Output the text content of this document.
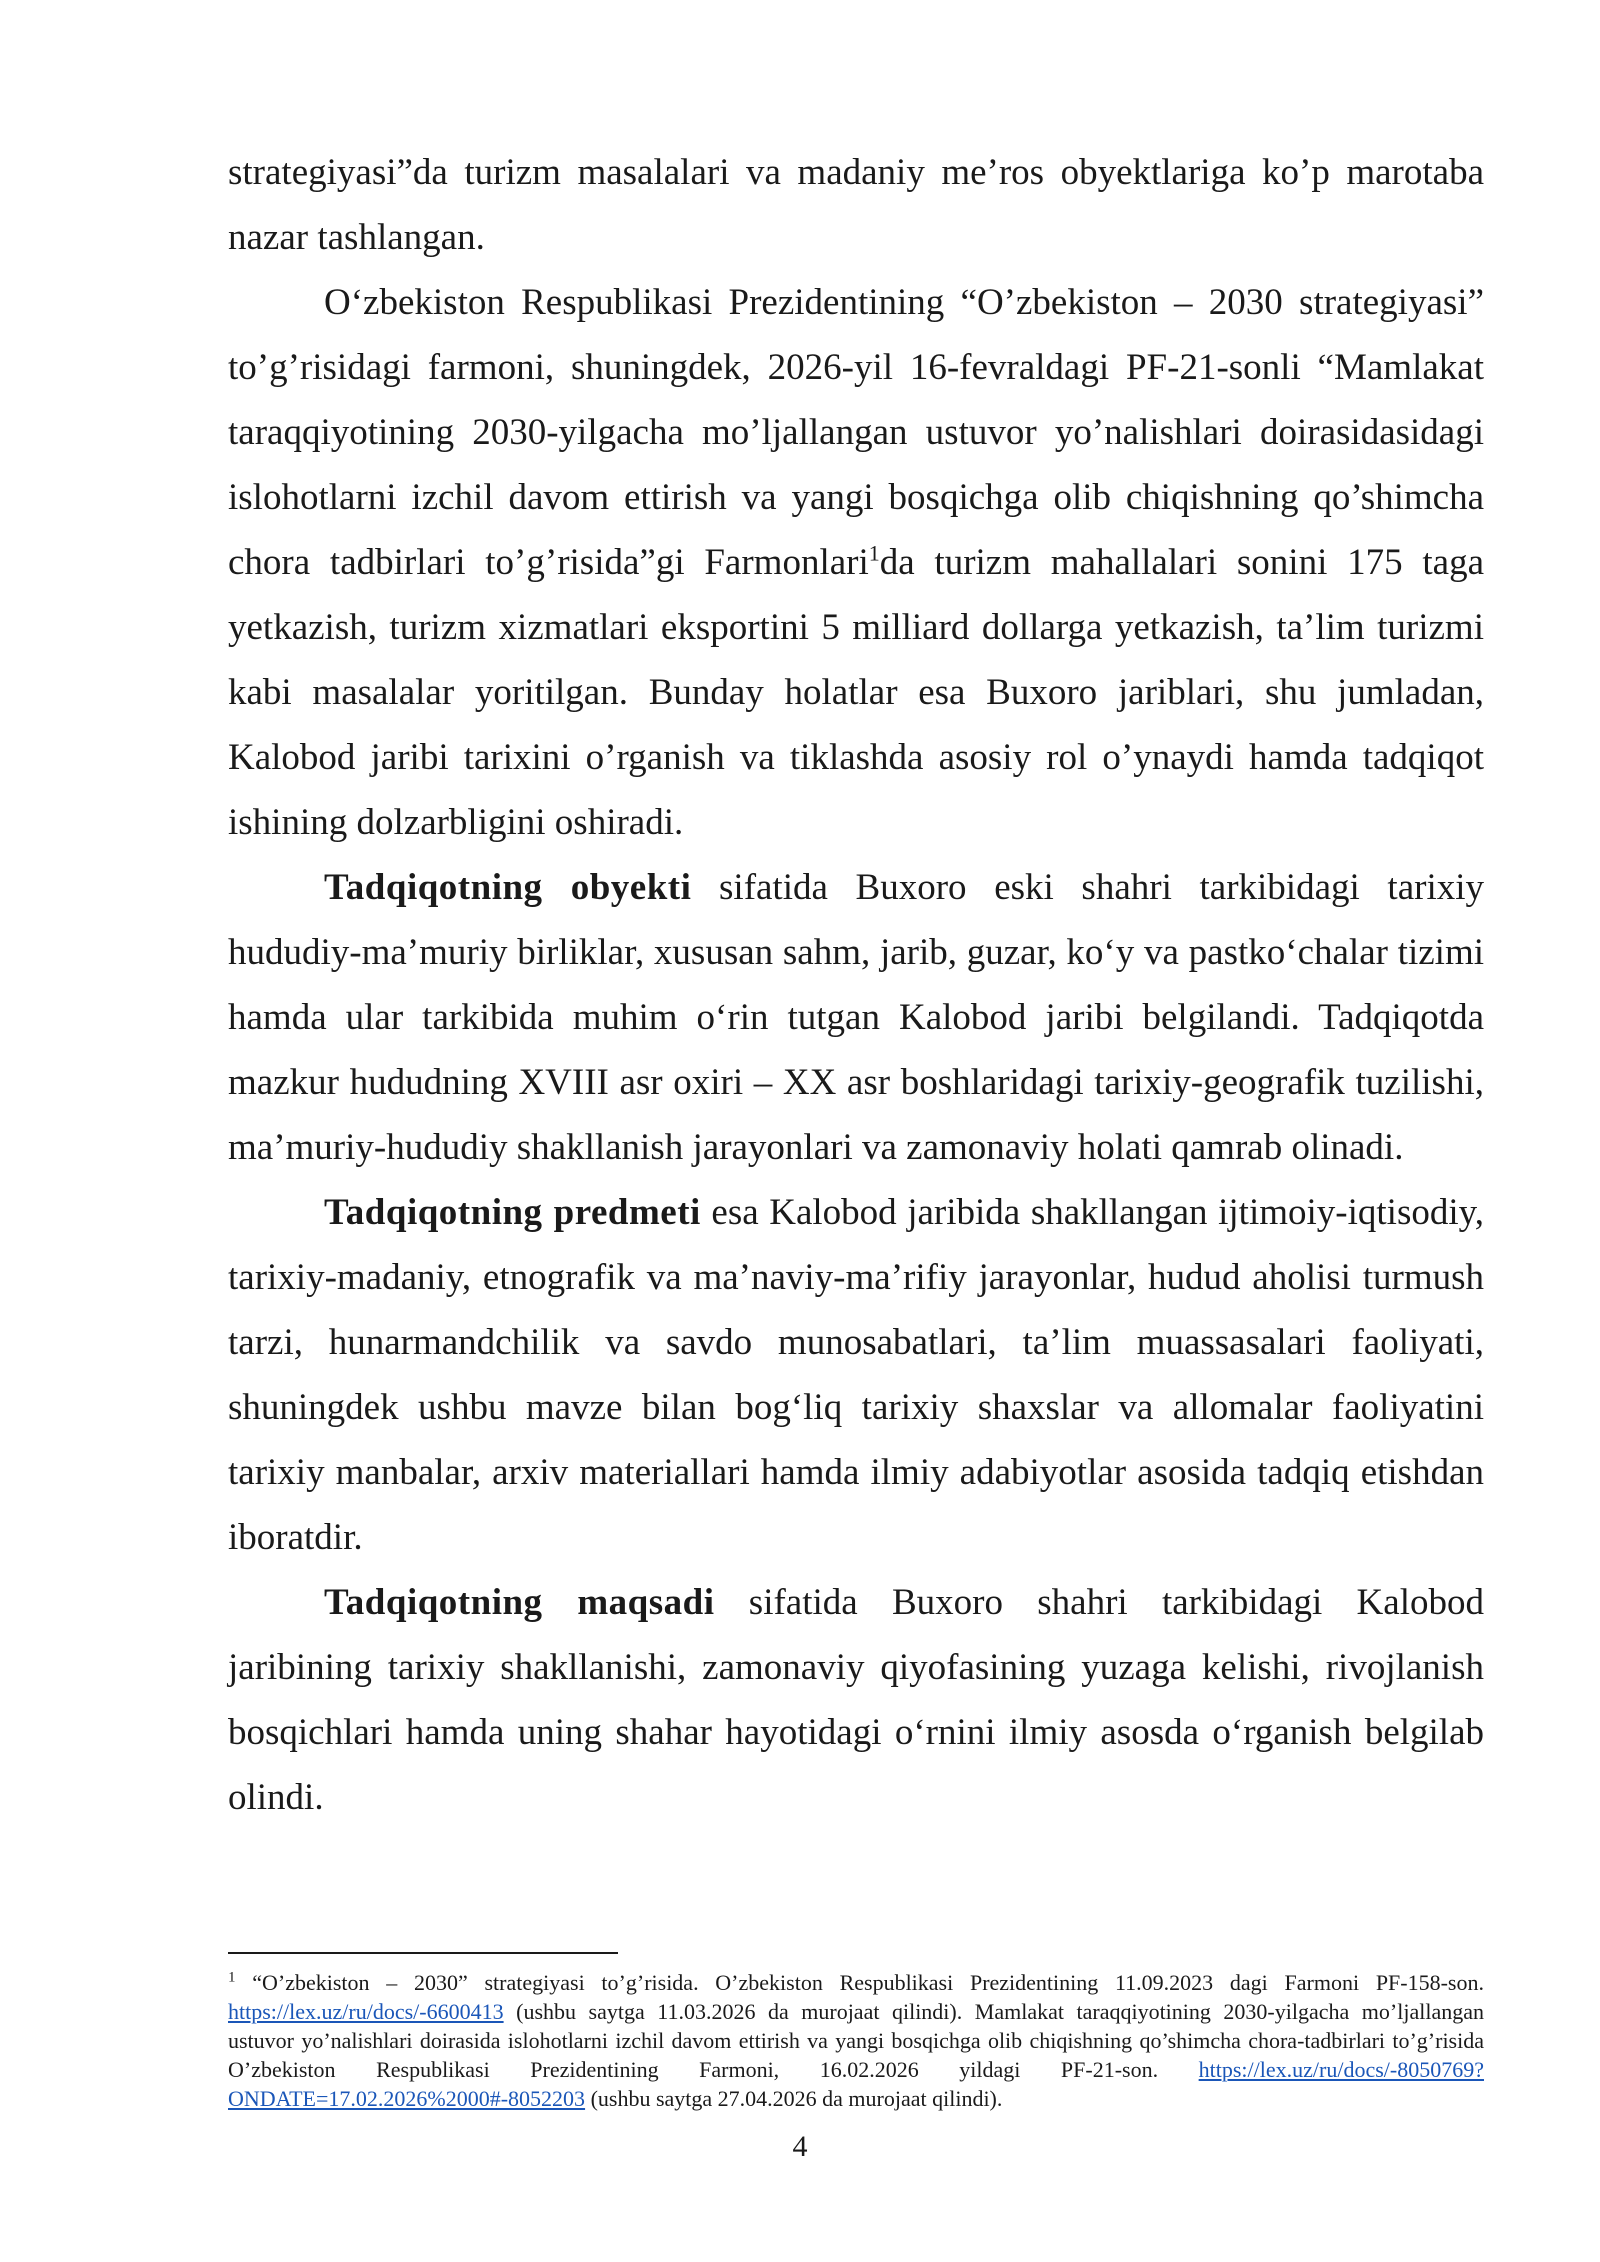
strategiyasi”da turizm masalalari va madaniy me’ros obyektlariga ko’p marotaba nazar tashlangan.

O‘zbekiston Respublikasi Prezidentining “O’zbekiston – 2030 strategiyasi” to’g’risidagi farmoni, shuningdek, 2026-yil 16-fevraldagi PF-21-sonli “Mamlakat taraqqiyotining 2030-yilgacha mo’ljallangan ustuvor yo’nalishlari doirasidasidagi islohotlarni izchil davom ettirish va yangi bosqichga olib chiqishning qo’shimcha chora tadbirlari to’g’risida”gi Farmonlari$^1$da turizm mahallalari sonini 175 taga yetkazish, turizm xizmatlari eksportini 5 milliard dollarga yetkazish, ta’lim turizmi kabi masalalar yoritilgan. Bunday holatlar esa Buxoro jariblari, shu jumladan, Kalobod jaribi tarixini o’rganish va tiklashda asosiy rol o’ynaydi hamda tadqiqot ishining dolzarbligini oshiradi.

Tadqiqotning obyekti sifatida Buxoro eski shahri tarkibidagi tarixiy hududiy-ma’muriy birliklar, xususan sahm, jarib, guzar, ko‘y va pastko‘chalar tizimi hamda ular tarkibida muhim o‘rin tutgan Kalobod jaribi belgilandi. Tadqiqotda mazkur hududning XVIII asr oxiri – XX asr boshlaridagi tarixiy-geografik tuzilishi, ma’muriy-hududiy shakllanish jarayonlari va zamonaviy holati qamrab olinadi.

Tadqiqotning predmeti esa Kalobod jaribida shakllangan ijtimoiy-iqtisodiy, tarixiy-madaniy, etnografik va ma’naviy-ma’rifiy jarayonlar, hudud aholisi turmush tarzi, hunarmandchilik va savdo munosabatlari, ta’lim muassasalari faoliyati, shuningdek ushbu mavze bilan bog‘liq tarixiy shaxslar va allomalar faoliyatini tarixiy manbalar, arxiv materiallari hamda ilmiy adabiyotlar asosida tadqiq etishdan iboratdir.

Tadqiqotning maqsadi sifatida Buxoro shahri tarkibidagi Kalobod jaribining tarixiy shakllanishi, zamonaviy qiyofasining yuzaga kelishi, rivojlanish bosqichlari hamda uning shahar hayotidagi o‘rnini ilmiy asosda o‘rganish belgilab olindi.

$^1$ “O’zbekiston – 2030” strategiyasi to’g’risida. O’zbekiston Respublikasi Prezidentining 11.09.2023 dagi Farmoni PF-158-son. https://lex.uz/ru/docs/-6600413 (ushbu saytga 11.03.2026 da murojaat qilindi). Mamlakat taraqqiyotining 2030-yilgacha mo’ljallangan ustuvor yo’nalishlari doirasida islohotlarni izchil davom ettirish va yangi bosqichga olib chiqishning qo’shimcha chora-tadbirlari to’g’risida O’zbekiston Respublikasi Prezidentining Farmoni, 16.02.2026 yildagi PF-21-son. https://lex.uz/ru/docs/-8050769?ONDATE=17.02.2026%2000#-8052203 (ushbu saytga 27.04.2026 da murojaat qilindi).

4
